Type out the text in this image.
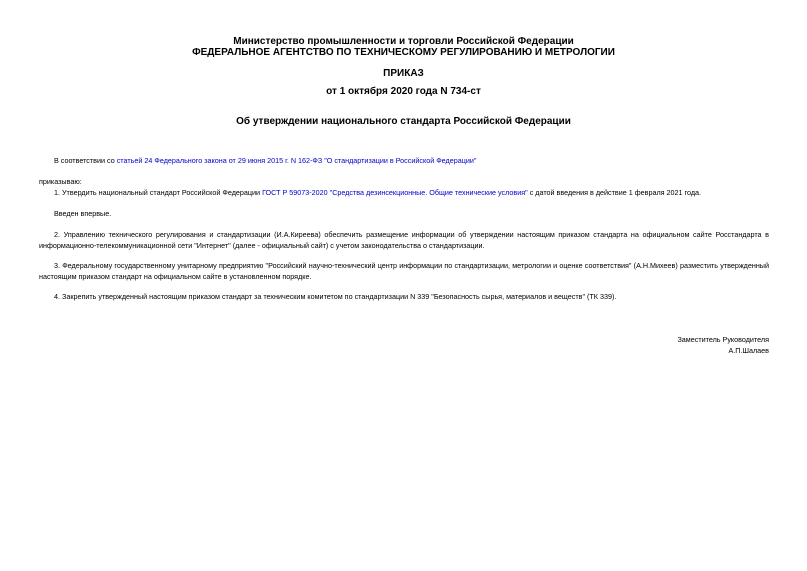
Министерство промышленности и торговли Российской Федерации
ФЕДЕРАЛЬНОЕ АГЕНТСТВО ПО ТЕХНИЧЕСКОМУ РЕГУЛИРОВАНИЮ И МЕТРОЛОГИИ
ПРИКАЗ
от 1 октября 2020 года N 734-ст
Об утверждении национального стандарта Российской Федерации
В соответствии со статьей 24 Федерального закона от 29 июня 2015 г. N 162-ФЗ "О стандартизации в Российской Федерации"
приказываю:
1. Утвердить национальный стандарт Российской Федерации ГОСТ Р 59073-2020 "Средства дезинсекционные. Общие технические условия" с датой введения в действие 1 февраля 2021 года.
Введен впервые.
2. Управлению технического регулирования и стандартизации (И.А.Киреева) обеспечить размещение информации об утверждении настоящим приказом стандарта на официальном сайте Росстандарта в информационно-телекоммуникационной сети "Интернет" (далее - официальный сайт) с учетом законодательства о стандартизации.
3. Федеральному государственному унитарному предприятию "Российский научно-технический центр информации по стандартизации, метрологии и оценке соответствия" (А.Н.Михеев) разместить утвержденный настоящим приказом стандарт на официальном сайте в установленном порядке.
4. Закрепить утвержденный настоящим приказом стандарт за техническим комитетом по стандартизации N 339 "Безопасность сырья, материалов и веществ" (ТК 339).
Заместитель Руководителя
А.П.Шалаев
